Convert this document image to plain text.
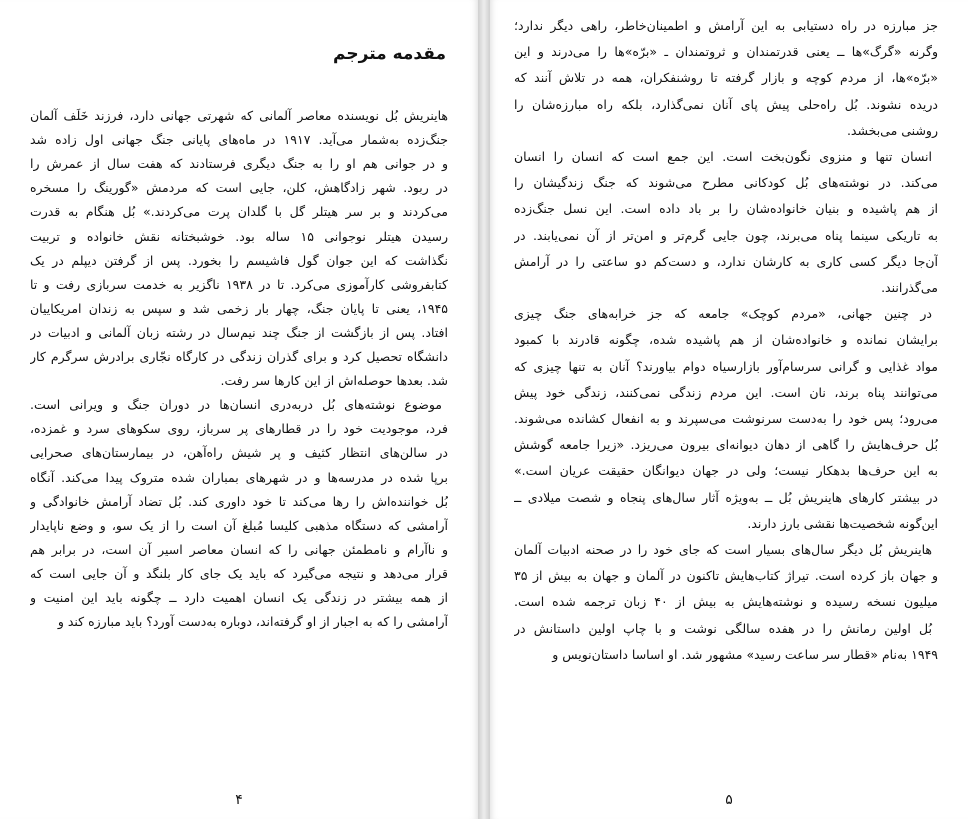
مقدمه مترجم
هاینریش بُل نویسنده معاصر آلمانی که شهرتی جهانی دارد، فرزند خَلَف آلمان
جنگ‌زده به‌شمار می‌آید. ۱۹۱۷ در ماه‌های پایانی جنگ جهانی اول زاده شد
و در جوانی هم او را به جنگ دیگری فرستادند که هفت سال از عمرش را
در ربود. شهر زادگاهش، کلن، جایی است که مردمش «گورینگ را مسخره
می‌کردند و بر سر هیتلر گل با گلدان پرت می‌کردند.» بُل هنگام به قدرت
رسیدن هیتلر نوجوانی ۱۵ ساله بود. خوشبختانه نقش خانواده و تربیت
نگذاشت که این جوان گول فاشیسم را بخورد. پس از گرفتن دیپلم در یک
کتابفروشی کارآموزی می‌کرد. تا در ۱۹۳۸ ناگزیر به خدمت سربازی رفت و تا
۱۹۴۵، یعنی تا پایان جنگ، چهار بار زخمی شد و سپس به زندان امریکاییان
افتاد. پس از بازگشت از جنگ چند نیم‌سال در رشته زبان آلمانی و ادبیات در
دانشگاه تحصیل کرد و برای گذران زندگی در کارگاه نجّاری برادرش سرگرم کار
شد. بعدها حوصله‌اش از این کارها سر رفت.
موضوع نوشته‌های بُل دربه‌دری انسان‌ها در دوران جنگ و ویرانی است.
فرد، موجودیت خود را در قطارهای پر سرباز، روی سکوهای سرد و غمزده،
در سالن‌های انتظار کثیف و پر شیش راه‌آهن، در بیمارستان‌های صحرایی
برپا شده در مدرسه‌ها و در شهرهای بمباران شده متروک پیدا می‌کند. آنگاه
بُل خواننده‌اش را رها می‌کند تا خود داوری کند. بُل تضاد آرامش خانوادگی و
آرامشی که دستگاه مذهبی کلیسا مُبلغ آن است را از یک سو، و وضع ناپایدار
و ناآرام و نامطمئن جهانی را که انسان معاصر اسیر آن است، در برابر هم
قرار می‌دهد و نتیجه می‌گیرد که باید یک جای کار بلنگد و آن جایی است که
از همه بیشتر در زندگی یک انسان اهمیت دارد ــ چگونه باید این امنیت و
آرامشی را که به اجبار از او گرفته‌اند، دوباره به‌دست آورد؟ باید مبارزه کند و
۴
جز مبارزه در راه دستیابی به این آرامش و اطمینان‌خاطر، راهی دیگر ندارد؛
وگرنه «گرگ»ها ــ یعنی قدرتمندان و ثروتمندان ـ «برّه»ها را می‌درند و این
«برّه»ها، از مردم کوچه و بازار گرفته تا روشنفکران، همه در تلاش آنند که
دریده نشوند. بُل راه‌حلی پیش پای آنان نمی‌گذارد، بلکه راه مبارزه‌شان را
روشنی می‌بخشد.
انسان تنها و منزوی نگون‌بخت است. این جمع است که انسان را انسان
می‌کند. در نوشته‌های بُل کودکانی مطرح می‌شوند که جنگ زندگیشان را
از هم پاشیده و بنیان خانواده‌شان را بر باد داده است. این نسل جنگ‌زده
به تاریکی سینما پناه می‌برند، چون جایی گرم‌تر و امن‌تر از آن نمی‌یابند. در
آن‌جا دیگر کسی کاری به کارشان ندارد، و دست‌کم دو ساعتی را در آرامش
می‌گذرانند.
در چنین جهانی، «مردم کوچک» جامعه که جز خرابه‌های جنگ چیزی
برایشان نمانده و خانواده‌شان از هم پاشیده شده، چگونه قادرند با کمبود
مواد غذایی و گرانی سرسام‌آور بازارسیاه دوام بیاورند؟ آنان به تنها چیزی که
می‌توانند پناه برند، نان است. این مردم زندگی نمی‌کنند، زندگی خود پیش
می‌رود؛ پس خود را به‌دست سرنوشت می‌سپرند و به انفعال کشانده می‌شوند.
بُل حرف‌هایش را گاهی از دهان دیوانه‌ای بیرون می‌ریزد. «زیرا جامعه گوشش
به این حرف‌ها بدهکار نیست؛ ولی در جهان دیوانگان حقیقت عریان است.»
در بیشتر کارهای هاینریش بُل ــ به‌ویژه آثار سال‌های پنجاه و شصت میلادی ــ
این‌گونه شخصیت‌ها نقشی بارز دارند.
هاینریش بُل دیگر سال‌های بسیار است که جای خود را در صحنه ادبیات آلمان
و جهان باز کرده است. تیراژ کتاب‌هایش تاکنون در آلمان و جهان به بیش از ۳۵
میلیون نسخه رسیده و نوشته‌هایش به بیش از ۴۰ زبان ترجمه شده است.
بُل اولین رمانش را در هفده سالگی نوشت و با چاپ اولین داستانش در
۱۹۴۹ به‌نام «قطار سر ساعت رسید» مشهور شد. او اساسا داستان‌نویس و
۵
